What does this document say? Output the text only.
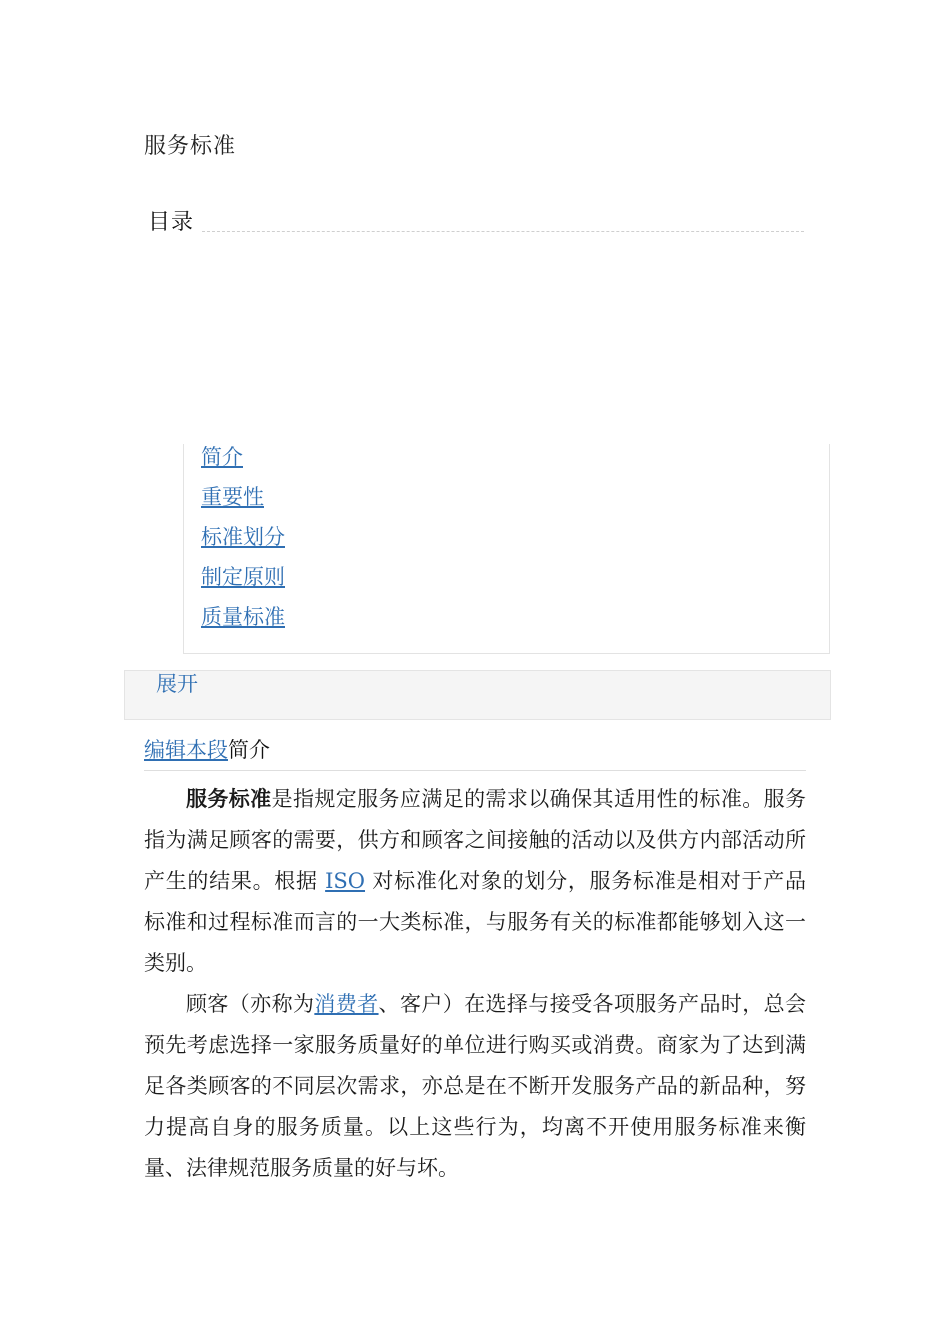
服务标准
目录
简介
重要性
标准划分
制定原则
质量标准
展开
编辑本段简介

服务标准是指规定服务应满足的需求以确保其适用性的标准。服务指为满足顾客的需要，供方和顾客之间接触的活动以及供方内部活动所产生的结果。根据 ISO 对标准化对象的划分，服务标准是相对于产品标准和过程标准而言的一大类标准，与服务有关的标准都能够划入这一类别。

顾客（亦称为消费者、客户）在选择与接受各项服务产品时，总会预先考虑选择一家服务质量好的单位进行购买或消费。商家为了达到满足各类顾客的不同层次需求，亦总是在不断开发服务产品的新品种，努力提高自身的服务质量。以上这些行为，均离不开使用服务标准来衡量、法律规范服务质量的好与坏。
